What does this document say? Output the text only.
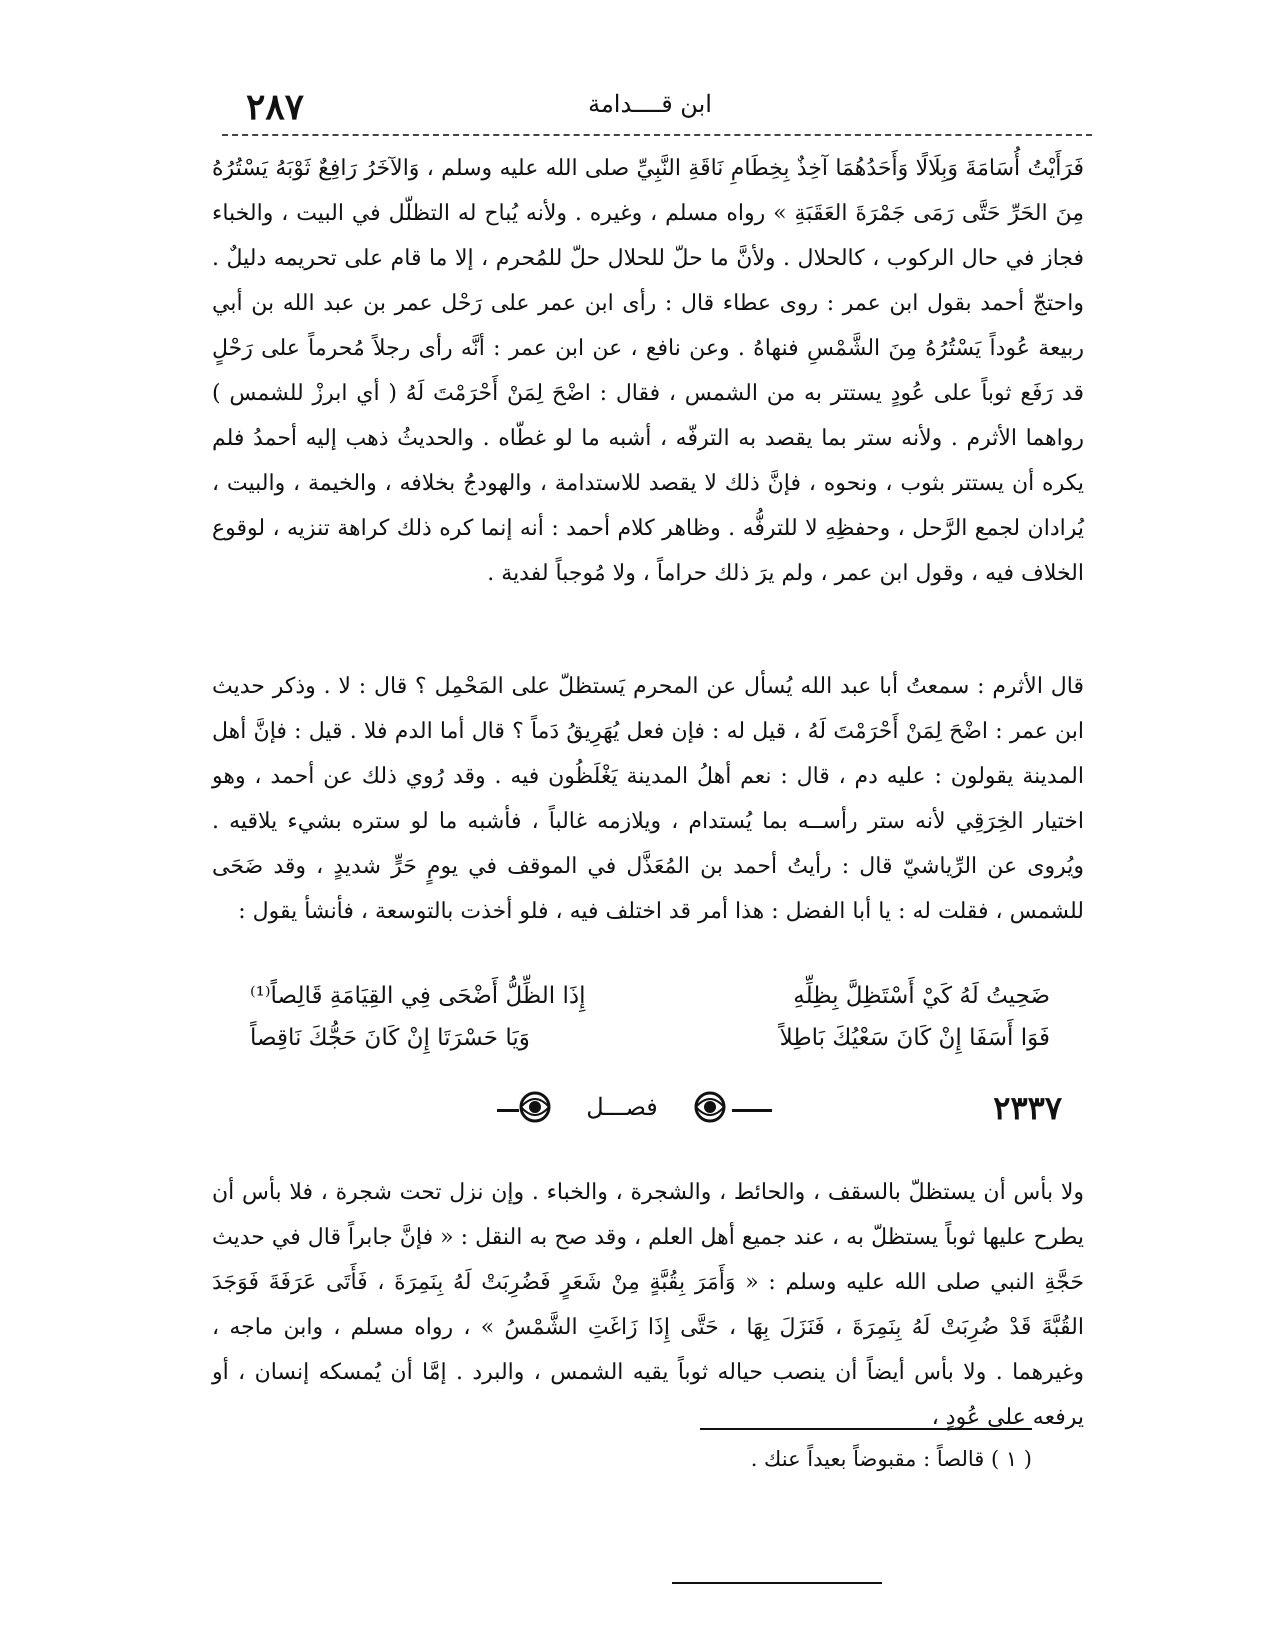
٢٨٧	ابن قــــدامة
فَرَأَيْتُ أُسَامَةَ وَبِلَالًا وَأَحَدُهُمَا آخِذٌ بِخِطَامِ نَاقَةِ النَّبِيِّ صلى الله عليه وسلم ، وَالآخَرُ رَافِعٌ ثَوْبَهُ يَسْتُرُهُ مِنَ الحَرِّ حَتَّى رَمَى جَمْرَةَ العَقَبَةِ » رواه مسلم ، وغيره . ولأنه يُباح له التظلّل في البيت ، والخباء فجاز في حال الركوب ، كالحلال . ولأنَّ ما حلّ للحلال حلّ للمُحرم ، إلا ما قام على تحريمه دليلٌ . واحتجّ أحمد بقول ابن عمر : روى عطاء قال : رأى ابن عمر على رَحْل عمر بن عبد الله بن أبي ربيعة عُوداً يَسْتُرُهُ مِنَ الشَّمْسِ فنهاهُ . وعن نافع ، عن ابن عمر : أنَّه رأى رجلاً مُحرماً على رَحْلٍ قد رَفَع ثوباً على عُودٍ يستتر به من الشمس ، فقال : اضْحَ لِمَنْ أَحْرَمْتَ لَهُ ( أي ابرزْ للشمس ) رواهما الأثرم . ولأنه ستر بما يقصد به الترفّه ، أشبه ما لو غطّاه . والحديثُ ذهب إليه أحمدُ فلم يكره أن يستتر بثوب ، ونحوه ، فإنَّ ذلك لا يقصد للاستدامة ، والهودجُ بخلافه ، والخيمة ، والبيت ، يُرادان لجمع الرَّحل ، وحفظِهِ لا للترفُّه . وظاهر كلام أحمد : أنه إنما كره ذلك كراهة تنزيه ، لوقوع الخلاف فيه ، وقول ابن عمر ، ولم يرَ ذلك حراماً ، ولا مُوجباً لفدية .
قال الأثرم : سمعتُ أبا عبد الله يُسأل عن المحرم يَستظلّ على المَحْمِل ؟ قال : لا . وذكر حديث ابن عمر : اضْحَ لِمَنْ أَحْرَمْتَ لَهُ ، قيل له : فإن فعل يُهَرِيقُ دَماً ؟ قال أما الدم فلا . قيل : فإنَّ أهل المدينة يقولون : عليه دم ، قال : نعم أهلُ المدينة يَغْلَظُون فيه . وقد رُوي ذلك عن أحمد ، وهو اختيار الخِرَقِي لأنه ستر رأســه بما يُستدام ، ويلازمه غالباً ، فأشبه ما لو ستره بشيء يلاقيه . ويُروى عن الرِّياشيّ قال : رأيتُ أحمد بن المُعَذَّل في الموقف في يومٍ حَرٍّ شديدٍ ، وقد ضَحَى للشمس ، فقلت له : يا أبا الفضل : هذا أمر قد اختلف فيه ، فلو أخذت بالتوسعة ، فأنشأ يقول :
ضَحِيتُ لَهُ كَيْ أَسْتَظِلَّ بِظِلِّهِ
إِذَا الظِّلُّ أَضْحَى فِي القِيَامَةِ قَالِصاً⁽¹⁾
فَوَا أَسَفَا إِنْ كَانَ سَعْيُكَ بَاطِلاً
وَيَا حَسْرَتَا إِنْ كَانَ حَجُّكَ نَاقِصاً
٢٣٣٧
فصـــل
ولا بأس أن يستظلّ بالسقف ، والحائط ، والشجرة ، والخباء . وإن نزل تحت شجرة ، فلا بأس أن يطرح عليها ثوباً يستظلّ به ، عند جميع أهل العلم ، وقد صح به النقل : « فإنَّ جابراً قال في حديث حَجَّةِ النبي صلى الله عليه وسلم : « وَأَمَرَ بِقُبَّةٍ مِنْ شَعَرٍ فَضُرِبَتْ لَهُ بِنَمِرَةَ ، فَأَتَى عَرَفَةَ فَوَجَدَ القُبَّةَ قَدْ ضُرِبَتْ لَهُ بِنَمِرَةَ ، فَنَزَلَ بِهَا ، حَتَّى إِذَا زَاغَتِ الشَّمْسُ » ، رواه مسلم ، وابن ماجه ، وغيرهما . ولا بأس أيضاً أن ينصب حياله ثوباً يقيه الشمس ، والبرد . إمَّا أن يُمسكه إنسان ، أو يرفعه على عُودٍ ،
( ١ ) قالصاً : مقبوضاً بعيداً عنك .
